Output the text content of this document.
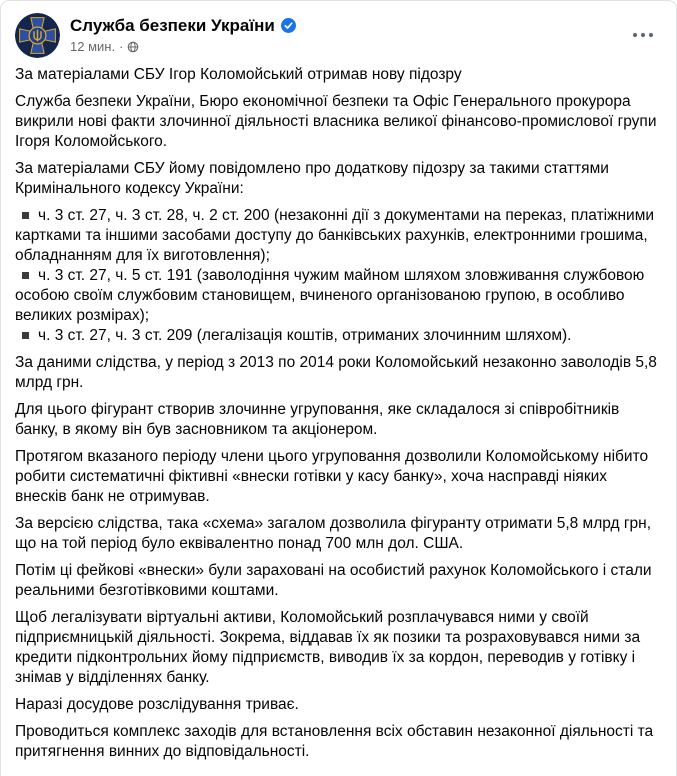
Служба безпеки України
12 мин. ·
За матеріалами СБУ Ігор Коломойський отримав нову підозру
Служба безпеки України, Бюро економічної безпеки та Офіс Генерального прокурора викрили нові факти злочинної діяльності власника великої фінансово-промислової групи Ігоря Коломойського.
За матеріалами СБУ йому повідомлено про додаткову підозру за такими статтями Кримінального кодексу України:
ч. 3 ст. 27, ч. 3 ст. 28, ч. 2 ст. 200 (незаконні дії з документами на переказ, платіжними картками та іншими засобами доступу до банківських рахунків, електронними грошима, обладнанням для їх виготовлення);
ч. 3 ст. 27, ч. 5 ст. 191 (заволодіння чужим майном шляхом зловживання службовою особою своїм службовим становищем, вчиненого організованою групою, в особливо великих розмірах);
ч. 3 ст. 27, ч. 3 ст. 209 (легалізація коштів, отриманих злочинним шляхом).
За даними слідства, у період з 2013 по 2014 роки Коломойський незаконно заволодів 5,8 млрд грн.
Для цього фігурант створив злочинне угруповання, яке складалося зі співробітників банку, в якому він був засновником та акціонером.
Протягом вказаного періоду члени цього угруповання дозволили Коломойському нібито робити систематичні фіктивні «внески готівки у касу банку», хоча насправді ніяких внесків банк не отримував.
За версією слідства, така «схема» загалом дозволила фігуранту отримати 5,8 млрд грн, що на той період було еквівалентно понад 700 млн дол. США.
Потім ці фейкові «внески» були зараховані на особистий рахунок Коломойського і стали реальними безготівковими коштами.
Щоб легалізувати віртуальні активи, Коломойський розплачувався ними у своїй підприємницькій діяльності. Зокрема, віддавав їх як позики та розраховувався ними за кредити підконтрольних йому підприємств, виводив їх за кордон, переводив у готівку і знімав у відділеннях банку.
Наразі досудове розслідування триває.
Проводиться комплекс заходів для встановлення всіх обставин незаконної діяльності та притягнення винних до відповідальності.
